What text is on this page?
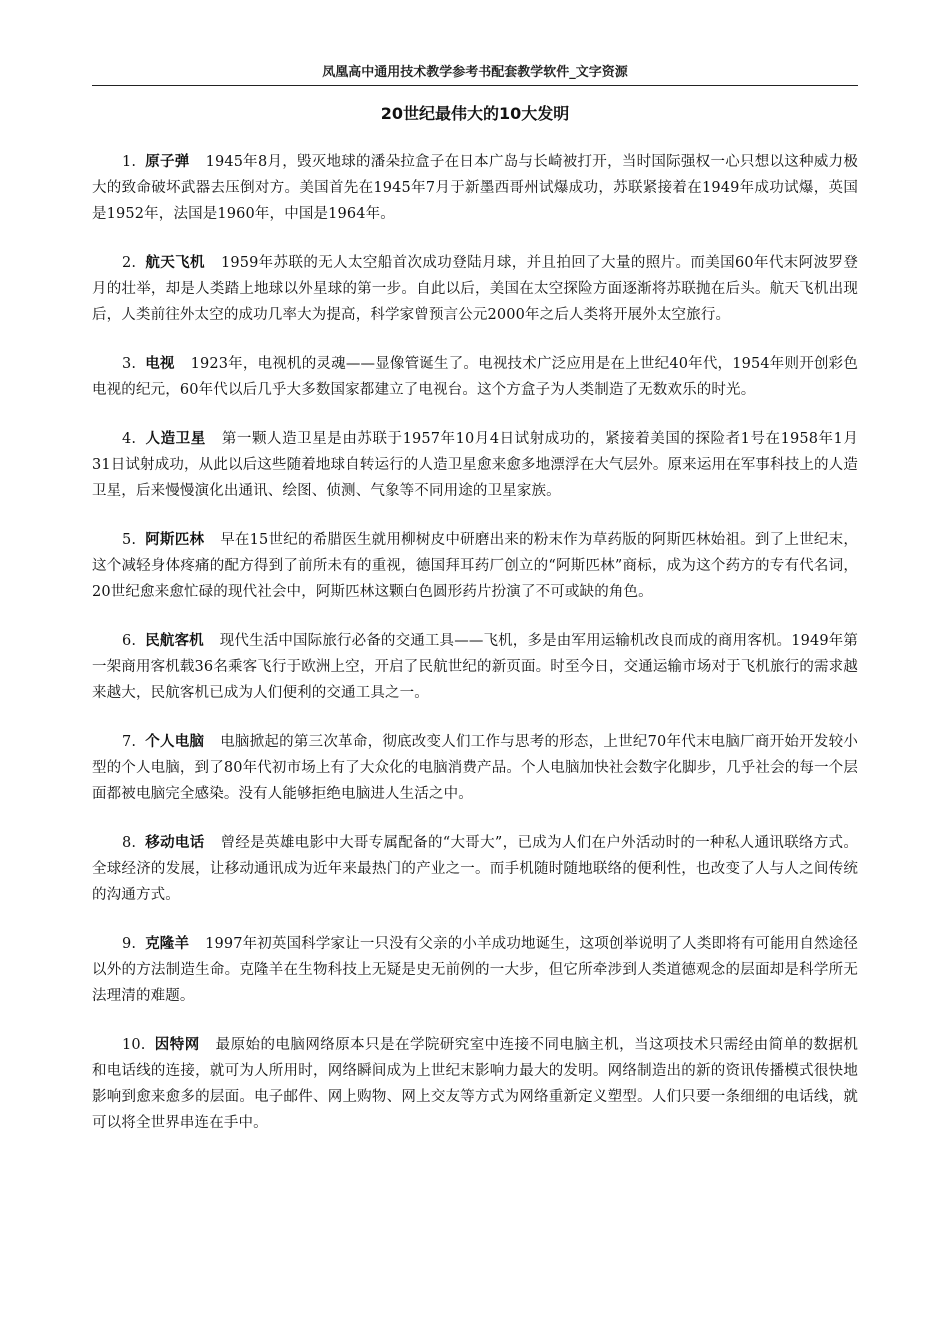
凤凰高中通用技术教学参考书配套教学软件_文字资源
20世纪最伟大的10大发明

1. 原子弹 1945年8月，毁灭地球的潘朵拉盒子在日本广岛与长崎被打开，当时国际强权一心只想以这种威力极大的致命破坏武器去压倒对方。美国首先在1945年7月于新墨西哥州试爆成功，苏联紧接着在1949年成功试爆，英国是1952年，法国是1960年，中国是1964年。

2. 航天飞机 1959年苏联的无人太空船首次成功登陆月球，并且拍回了大量的照片。而美国60年代末阿波罗登月的壮举，却是人类踏上地球以外星球的第一步。自此以后，美国在太空探险方面逐渐将苏联抛在后头。航天飞机出现后，人类前往外太空的成功几率大为提高，科学家曾预言公元2000年之后人类将开展外太空旅行。

3. 电视 1923年，电视机的灵魂——显像管诞生了。电视技术广泛应用是在上世纪40年代，1954年则开创彩色电视的纪元，60年代以后几乎大多数国家都建立了电视台。这个方盒子为人类制造了无数欢乐的时光。

4. 人造卫星 第一颗人造卫星是由苏联于1957年10月4日试射成功的，紧接着美国的探险者1号在1958年1月31日试射成功，从此以后这些随着地球自转运行的人造卫星愈来愈多地漂浮在大气层外。原来运用在军事科技上的人造卫星，后来慢慢演化出通讯、绘图、侦测、气象等不同用途的卫星家族。

5. 阿斯匹林 早在15世纪的希腊医生就用柳树皮中研磨出来的粉末作为草药版的阿斯匹林始祖。到了上世纪末，这个减轻身体疼痛的配方得到了前所未有的重视，德国拜耳药厂创立的“阿斯匹林”商标，成为这个药方的专有代名词，20世纪愈来愈忙碌的现代社会中，阿斯匹林这颗白色圆形药片扮演了不可或缺的角色。

6. 民航客机 现代生活中国际旅行必备的交通工具——飞机，多是由军用运输机改良而成的商用客机。1949年第一架商用客机载36名乘客飞行于欧洲上空，开启了民航世纪的新页面。时至今日，交通运输市场对于飞机旅行的需求越来越大，民航客机已成为人们便利的交通工具之一。

7. 个人电脑 电脑掀起的第三次革命，彻底改变人们工作与思考的形态，上世纪70年代末电脑厂商开始开发较小型的个人电脑，到了80年代初市场上有了大众化的电脑消费产品。个人电脑加快社会数字化脚步，几乎社会的每一个层面都被电脑完全感染。没有人能够拒绝电脑进人生活之中。

8. 移动电话 曾经是英雄电影中大哥专属配备的“大哥大”，已成为人们在户外活动时的一种私人通讯联络方式。全球经济的发展，让移动通讯成为近年来最热门的产业之一。而手机随时随地联络的便利性，也改变了人与人之间传统的沟通方式。

9. 克隆羊 1997年初英国科学家让一只没有父亲的小羊成功地诞生，这项创举说明了人类即将有可能用自然途径以外的方法制造生命。克隆羊在生物科技上无疑是史无前例的一大步，但它所牵涉到人类道德观念的层面却是科学所无法理清的难题。

10. 因特网 最原始的电脑网络原本只是在学院研究室中连接不同电脑主机，当这项技术只需经由简单的数据机和电话线的连接，就可为人所用时，网络瞬间成为上世纪末影响力最大的发明。网络制造出的新的资讯传播模式很快地影响到愈来愈多的层面。电子邮件、网上购物、网上交友等方式为网络重新定义塑型。人们只要一条细细的电话线，就可以将全世界串连在手中。
